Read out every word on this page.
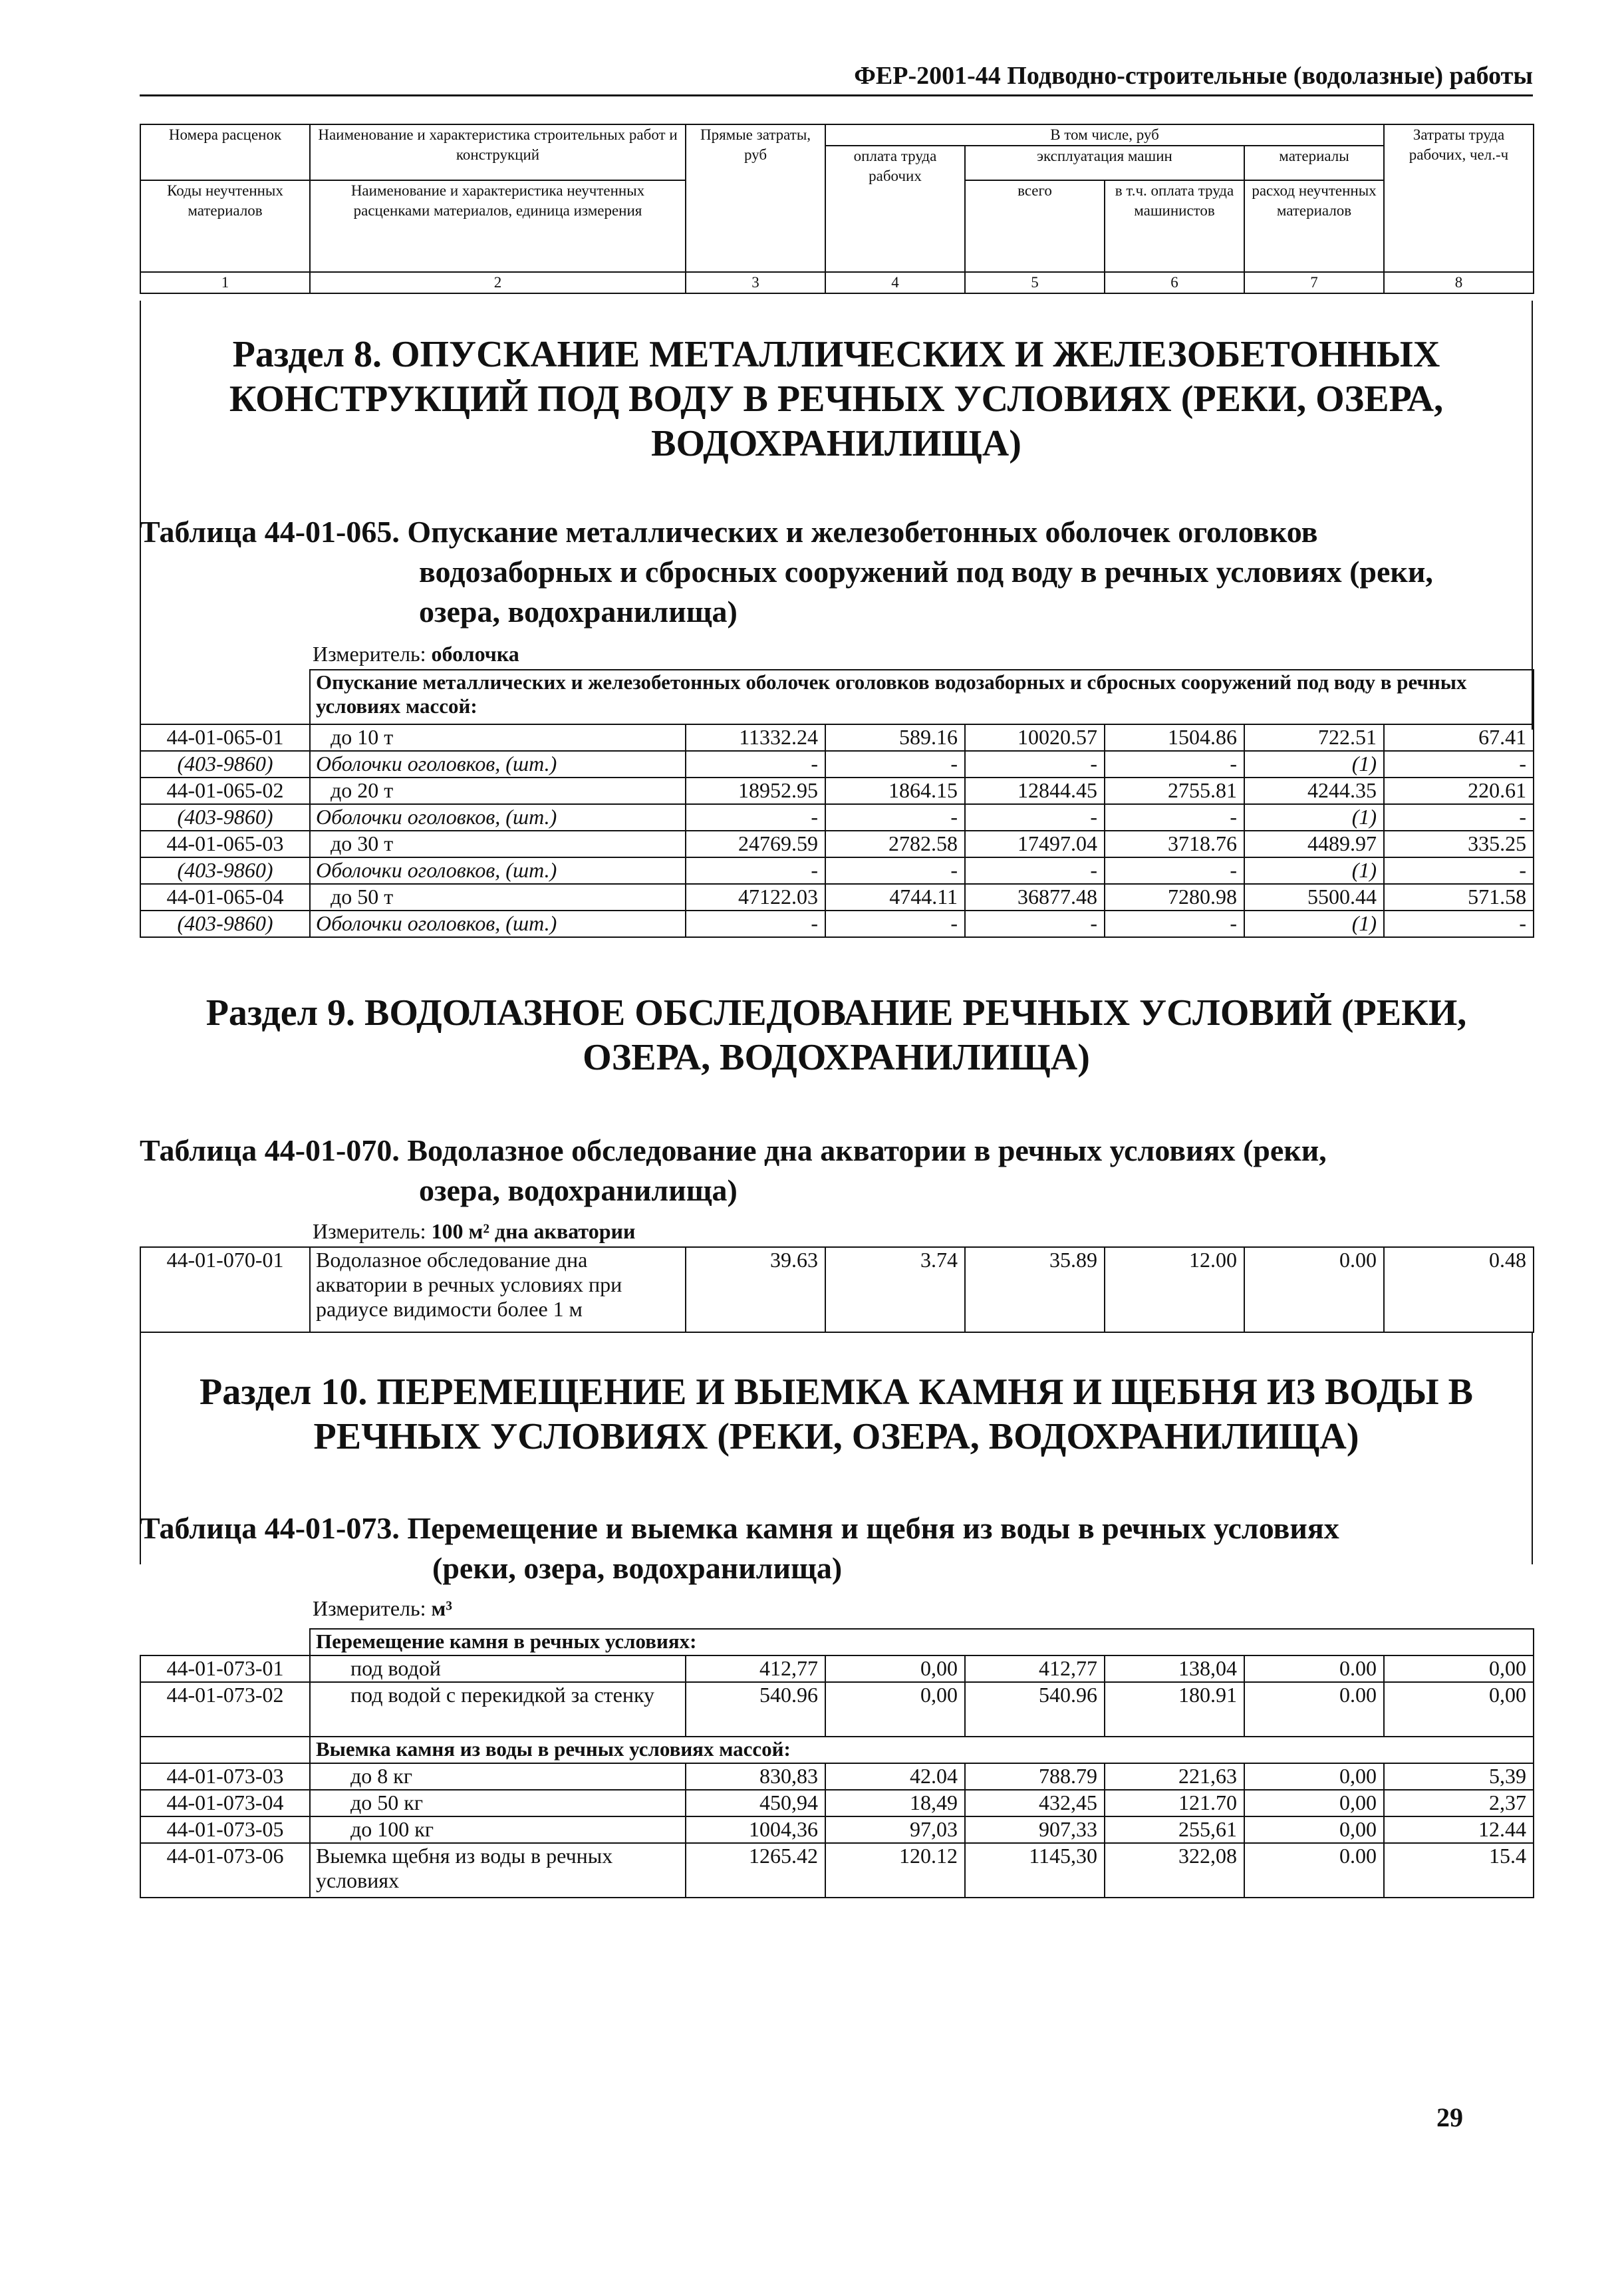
ФЕР-2001-44 Подводно-строительные (водолазные) работы
Номера расценок	Наименование и характеристика строительных работ и конструкций	Прямые затраты, руб	В том числе, руб				Затраты труда рабочих, чел.-ч
			оплата труда рабочих	эксплуатация машин		материалы	
Коды неучтенных материалов	Наименование и характеристика неучтенных расценками материалов, единица измерения			всего	в т.ч. оплата труда машинистов	расход неучтенных материалов	

1	2	3	4	5	6	7	8
Раздел 8. ОПУСКАНИЕ МЕТАЛЛИЧЕСКИХ И ЖЕЛЕЗОБЕТОННЫХ КОНСТРУКЦИЙ ПОД ВОДУ В РЕЧНЫХ УСЛОВИЯХ (РЕКИ, ОЗЕРА, ВОДОХРАНИЛИЩА)
Таблица 44-01-065. Опускание металлических и железобетонных оболочек оголовков
водозаборных и сбросных сооружений под воду в речных условиях (реки, озера, водохранилища)
Измеритель: оболочка
	Опускание металлических и железобетонных оболочек оголовков водозаборных и сбросных сооружений под воду в речных условиях массой:						
44-01-065-01	до 10 т	11332.24	589.16	10020.57	1504.86	722.51	67.41
(403-9860)	Оболочки оголовков, (шт.)	-	-	-	-	(1)	-
44-01-065-02	до 20 т	18952.95	1864.15	12844.45	2755.81	4244.35	220.61
(403-9860)	Оболочки оголовков, (шт.)	-	-	-	-	(1)	-
44-01-065-03	до 30 т	24769.59	2782.58	17497.04	3718.76	4489.97	335.25
(403-9860)	Оболочки оголовков, (шт.)	-	-	-	-	(1)	-
44-01-065-04	до 50 т	47122.03	4744.11	36877.48	7280.98	5500.44	571.58
(403-9860)	Оболочки оголовков, (шт.)	-	-	-	-	(1)	-
Раздел 9. ВОДОЛАЗНОЕ ОБСЛЕДОВАНИЕ РЕЧНЫХ УСЛОВИЙ (РЕКИ, ОЗЕРА, ВОДОХРАНИЛИЩА)
Таблица 44-01-070. Водолазное обследование дна акватории в речных условиях (реки,
озера, водохранилища)
Измеритель: 100 м² дна акватории
44-01-070-01	Водолазное обследование дна акватории в речных условиях при радиусе видимости более 1 м	39.63	3.74	35.89	12.00	0.00	0.48
Раздел 10. ПЕРЕМЕЩЕНИЕ И ВЫЕМКА КАМНЯ И ЩЕБНЯ ИЗ ВОДЫ В РЕЧНЫХ УСЛОВИЯХ (РЕКИ, ОЗЕРА, ВОДОХРАНИЛИЩА)
Таблица 44-01-073. Перемещение и выемка камня и щебня из воды в речных условиях
(реки, озера, водохранилища)
Измеритель: м³
	Перемещение камня в речных условиях:						
44-01-073-01	под водой	412,77	0,00	412,77	138,04	0.00	0,00
44-01-073-02	под водой с перекидкой за стенку	540.96	0,00	540.96	180.91	0.00	0,00
	Выемка камня из воды в речных условиях массой:						
44-01-073-03	до 8 кг	830,83	42.04	788.79	221,63	0,00	5,39
44-01-073-04	до 50 кг	450,94	18,49	432,45	121.70	0,00	2,37
44-01-073-05	до 100 кг	1004,36	97,03	907,33	255,61	0,00	12.44
44-01-073-06	Выемка щебня из воды в речных условиях	1265.42	120.12	1145,30	322,08	0.00	15.4
29
